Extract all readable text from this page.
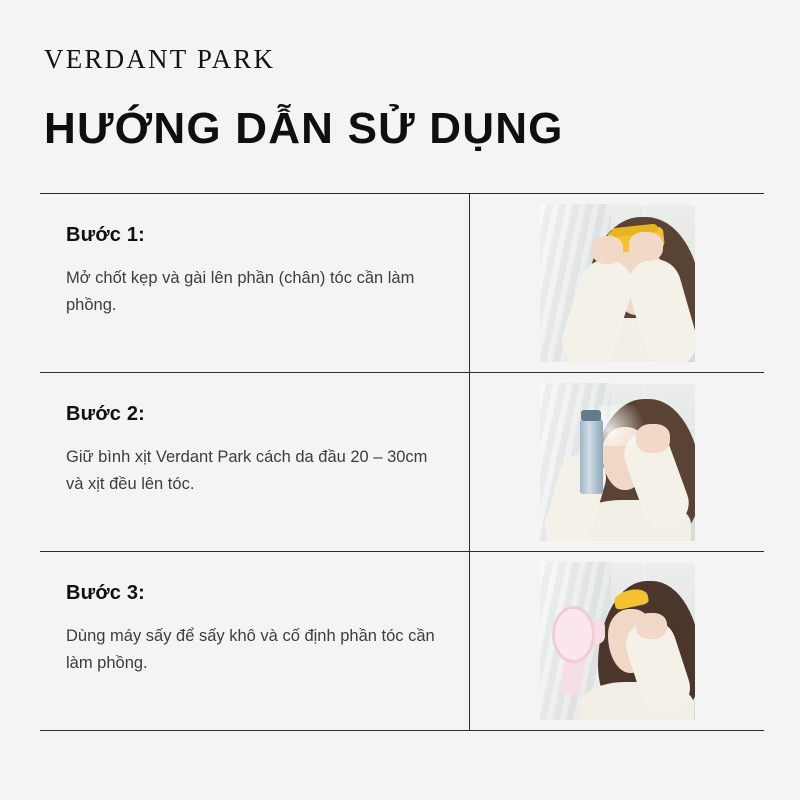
VERDANT PARK
HƯỚNG DẪN SỬ DỤNG

Bước 1:

Mở chốt kẹp và gài lên phần (chân) tóc cần làm phồng.

Bước 2:

Giữ bình xịt Verdant Park cách da đầu 20 – 30cm và xịt đều lên tóc.

Bước 3:

Dùng máy sấy để sấy khô và cố định phần tóc cần làm phồng.
